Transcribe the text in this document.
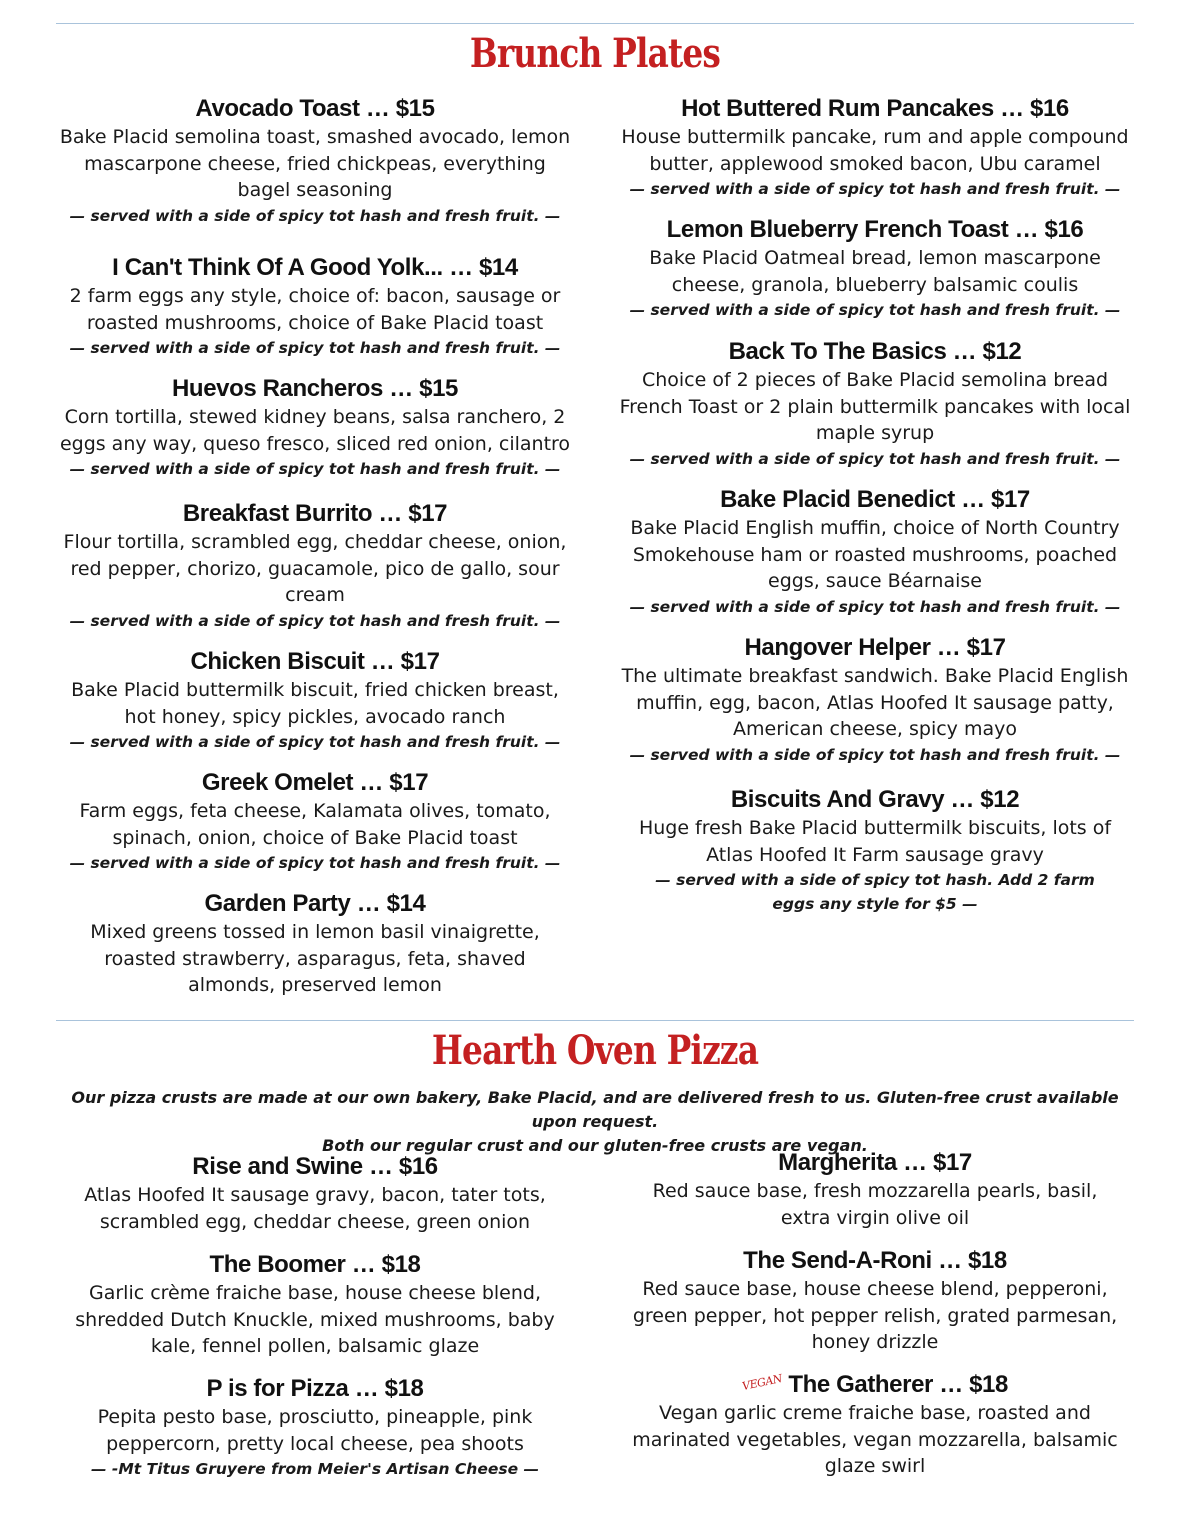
Brunch Plates
Avocado Toast … $15
Bake Placid semolina toast, smashed avocado, lemon mascarpone cheese, fried chickpeas, everything bagel seasoning
— served with a side of spicy tot hash and fresh fruit. —
I Can't Think Of A Good Yolk... … $14
2 farm eggs any style, choice of: bacon, sausage or roasted mushrooms, choice of Bake Placid toast
— served with a side of spicy tot hash and fresh fruit. —
Huevos Rancheros … $15
Corn tortilla, stewed kidney beans, salsa ranchero, 2 eggs any way, queso fresco, sliced red onion, cilantro
— served with a side of spicy tot hash and fresh fruit. —
Breakfast Burrito … $17
Flour tortilla, scrambled egg, cheddar cheese, onion, red pepper, chorizo, guacamole, pico de gallo, sour cream
— served with a side of spicy tot hash and fresh fruit. —
Chicken Biscuit … $17
Bake Placid buttermilk biscuit, fried chicken breast, hot honey, spicy pickles, avocado ranch
— served with a side of spicy tot hash and fresh fruit. —
Greek Omelet … $17
Farm eggs, feta cheese, Kalamata olives, tomato, spinach, onion, choice of Bake Placid toast
— served with a side of spicy tot hash and fresh fruit. —
Garden Party … $14
Mixed greens tossed in lemon basil vinaigrette, roasted strawberry, asparagus, feta, shaved almonds, preserved lemon
Hot Buttered Rum Pancakes … $16
House buttermilk pancake, rum and apple compound butter, applewood smoked bacon, Ubu caramel
— served with a side of spicy tot hash and fresh fruit. —
Lemon Blueberry French Toast … $16
Bake Placid Oatmeal bread, lemon mascarpone cheese, granola, blueberry balsamic coulis
— served with a side of spicy tot hash and fresh fruit. —
Back To The Basics … $12
Choice of 2 pieces of Bake Placid semolina bread French Toast or 2 plain buttermilk pancakes with local maple syrup
— served with a side of spicy tot hash and fresh fruit. —
Bake Placid Benedict … $17
Bake Placid English muffin, choice of North Country Smokehouse ham or roasted mushrooms, poached eggs, sauce Béarnaise
— served with a side of spicy tot hash and fresh fruit. —
Hangover Helper … $17
The ultimate breakfast sandwich. Bake Placid English muffin, egg, bacon, Atlas Hoofed It sausage patty, American cheese, spicy mayo
— served with a side of spicy tot hash and fresh fruit. —
Biscuits And Gravy … $12
Huge fresh Bake Placid buttermilk biscuits, lots of Atlas Hoofed It Farm sausage gravy
— served with a side of spicy tot hash. Add 2 farm eggs any style for $5 —
Hearth Oven Pizza
Our pizza crusts are made at our own bakery, Bake Placid, and are delivered fresh to us. Gluten-free crust available upon request.
Both our regular crust and our gluten-free crusts are vegan.
Rise and Swine … $16
Atlas Hoofed It sausage gravy, bacon, tater tots, scrambled egg, cheddar cheese, green onion
The Boomer … $18
Garlic crème fraiche base, house cheese blend, shredded Dutch Knuckle, mixed mushrooms, baby kale, fennel pollen, balsamic glaze
P is for Pizza … $18
Pepita pesto base, prosciutto, pineapple, pink peppercorn, pretty local cheese, pea shoots
— -Mt Titus Gruyere from Meier's Artisan Cheese —
Margherita … $17
Red sauce base, fresh mozzarella pearls, basil, extra virgin olive oil
The Send-A-Roni … $18
Red sauce base, house cheese blend, pepperoni, green pepper, hot pepper relish, grated parmesan, honey drizzle
VEGAN The Gatherer … $18
Vegan garlic creme fraiche base, roasted and marinated vegetables, vegan mozzarella, balsamic glaze swirl
